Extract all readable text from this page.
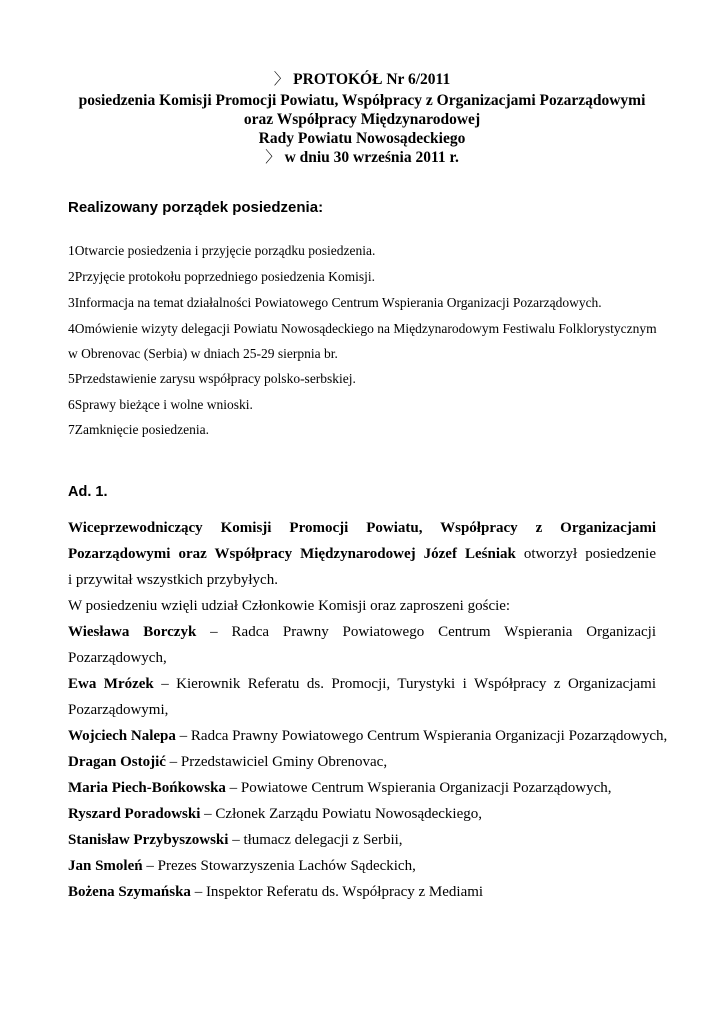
〉 PROTOKÓŁ Nr 6/2011
posiedzenia Komisji Promocji Powiatu, Współpracy z Organizacjami Pozarządowymi
oraz Współpracy Międzynarodowej
Rady Powiatu Nowosądeckiego
〉 w dniu 30 września 2011 r.
Realizowany porządek posiedzenia:
1Otwarcie posiedzenia i przyjęcie porządku posiedzenia.
2Przyjęcie protokołu poprzedniego posiedzenia Komisji.
3Informacja na temat działalności Powiatowego Centrum Wspierania Organizacji Pozarządowych.
4Omówienie wizyty delegacji Powiatu Nowosądeckiego na Międzynarodowym Festiwalu Folklorystycznym
w Obrenovac (Serbia) w dniach 25-29 sierpnia br.
5Przedstawienie zarysu współpracy polsko-serbskiej.
6Sprawy bieżące i wolne wnioski.
7Zamknięcie posiedzenia.
Ad. 1.
Wiceprzewodniczący Komisji Promocji Powiatu, Współpracy z Organizacjami
Pozarządowymi oraz Współpracy Międzynarodowej Józef Leśniak otworzył posiedzenie
i przywitał wszystkich przybyłych.
W posiedzeniu wzięli udział Członkowie Komisji oraz zaproszeni goście:
Wiesława Borczyk – Radca Prawny Powiatowego Centrum Wspierania Organizacji
Pozarządowych,
Ewa Mrózek – Kierownik Referatu ds. Promocji, Turystyki i Współpracy z Organizacjami
Pozarządowymi,
Wojciech Nalepa – Radca Prawny Powiatowego Centrum Wspierania Organizacji Pozarządowych,
Dragan Ostojić – Przedstawiciel Gminy Obrenovac,
Maria Piech-Bońkowska – Powiatowe Centrum Wspierania Organizacji Pozarządowych,
Ryszard Poradowski – Członek Zarządu Powiatu Nowosądeckiego,
Stanisław Przybyszowski – tłumacz delegacji z Serbii,
Jan Smoleń – Prezes Stowarzyszenia Lachów Sądeckich,
Bożena Szymańska – Inspektor Referatu ds. Współpracy z Mediami
